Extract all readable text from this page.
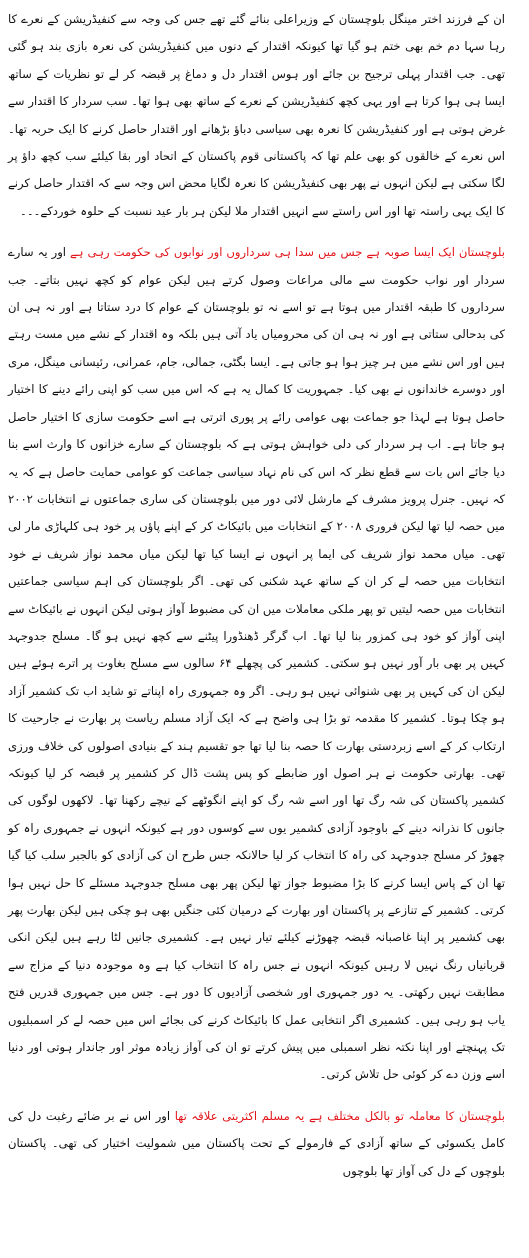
ان کے فرزند اختر مینگل بلوچستان کے وزیراعلی بنائے گئے تھے جس کی وجہ سے کنفیڈریشن کے نعرے کا رہا سہا دم خم بھی ختم ہو گیا تھا کیونکہ اقتدار کے دنوں میں کنفیڈریشن کی نعرہ بازی بند ہو گئی تھی۔ جب اقتدار پہلی ترجیح بن جائے اور ہوس اقتدار دل و دماغ پر قبضہ کر لے تو نظریات کے ساتھ ایسا ہی ہوا کرتا ہے اور یہی کچھ کنفیڈریشن کے نعرے کے ساتھ بھی ہوا تھا۔ سب سردار کا اقتدار سے غرض ہوتی ہے اور کنفیڈریشن کا نعرہ بھی سیاسی دباؤ بڑھانے اور اقتدار حاصل کرنے کا ایک حربہ تھا۔ اس نعرے کے خالقوں کو بھی علم تھا کہ پاکستانی قوم پاکستان کے اتحاد اور بقا کیلئے سب کچھ داؤ پر لگا سکتی ہے لیکن انہوں نے پھر بھی کنفیڈریشن کا نعرہ لگایا محض اس وجہ سے کہ اقتدار حاصل کرنے کا ایک یہی راستہ تھا اور اس راستے سے انہیں اقتدار ملا لیکن ہر بار عید نسبت کے حلوہ خوردکے۔۔۔

بلوچستان ایک ایسا صوبہ ہے جس میں سدا ہی سرداروں اور نوابوں کی حکومت رہی ہے اور یہ سارے سردار اور نواب حکومت سے مالی مراعات وصول کرتے ہیں لیکن عوام کو کچھ نہیں بتاتے۔ جب سرداروں کا طبقہ اقتدار میں ہوتا ہے تو اسے نہ تو بلوچستان کے عوام کا درد ستاتا ہے اور نہ ہی ان کی بدحالی ستاتی ہے اور نہ ہی ان کی محرومیاں یاد آتی ہیں بلکہ وہ اقتدار کے نشے میں مست رہتے ہیں اور اس نشے میں ہر چیز ہوا ہو جاتی ہے۔ ایسا بگٹی، جمالی، جام، عمرانی، رئیسانی مینگل، مری اور دوسرے خاندانوں نے بھی کیا۔ جمہوریت کا کمال یہ ہے کہ اس میں سب کو اپنی رائے دینے کا اختیار حاصل ہوتا ہے لہذا جو جماعت بھی عوامی رائے پر پوری اترتی ہے اسے حکومت سازی کا اختیار حاصل ہو جاتا ہے۔ اب ہر سردار کی دلی خواہش ہوتی ہے کہ بلوچستان کے سارے خزانوں کا وارث اسے بنا دیا جائے اس بات سے قطع نظر کہ اس کی نام نہاد سیاسی جماعت کو عوامی حمایت حاصل ہے کہ یہ کہ نہیں۔ جنرل پرویز مشرف کے مارشل لائی دور میں بلوچستان کی ساری جماعتوں نے انتخابات ۲۰۰۲ میں حصہ لیا تھا لیکن فروری ۲۰۰۸ کے انتخابات میں بائیکاٹ کر کے اپنے پاؤں پر خود ہی کلہاڑی مار لی تھی۔ میاں محمد نواز شریف کی ایما پر انہوں نے ایسا کیا تھا لیکن میاں محمد نواز شریف نے خود انتخابات میں حصہ لے کر ان کے ساتھ عہد شکنی کی تھی۔ اگر بلوچستان کی اہم سیاسی جماعتیں انتخابات میں حصہ لیتیں تو پھر ملکی معاملات میں ان کی مضبوط آواز ہوتی لیکن انہوں نے بائیکاٹ سے اپنی آواز کو خود ہی کمزور بنا لیا تھا۔ اب گرگر ڈھنڈورا پیٹنے سے کچھ نہیں ہو گا۔ مسلح جدوجہد کہیں پر بھی بار آور نہیں ہو سکتی۔ کشمیر کی پچھلے ۶۴ سالوں سے مسلح بغاوت پر اترے ہوئے ہیں لیکن ان کی کہیں پر بھی شنوائی نہیں ہو رہی۔ اگر وہ جمہوری راہ اپناتے تو شاید اب تک کشمیر آزاد ہو چکا ہوتا۔ کشمیر کا مقدمہ تو بڑا ہی واضح ہے کہ ایک آزاد مسلم ریاست پر بھارت نے جارحیت کا ارتکاب کر کے اسے زبردستی بھارت کا حصہ بنا لیا تھا جو تقسیم ہند کے بنیادی اصولوں کی خلاف ورزی تھی۔ بھارتی حکومت نے ہر اصول اور ضابطے کو پس پشت ڈال کر کشمیر پر قبضہ کر لیا کیونکہ کشمیر پاکستان کی شہ رگ تھا اور اسے شہ رگ کو اپنے انگوٹھے کے نیچے رکھنا تھا۔ لاکھوں لوگوں کی جانوں کا نذرانہ دینے کے باوجود آزادی کشمیر یوں سے کوسوں دور ہے کیونکہ انہوں نے جمہوری راہ کو چھوڑ کر مسلح جدوجہد کی راہ کا انتخاب کر لیا حالانکہ جس طرح ان کی آزادی کو بالجبر سلب کیا گیا تھا ان کے پاس ایسا کرنے کا بڑا مضبوط جواز تھا لیکن پھر بھی مسلح جدوجہد مسئلے کا حل نہیں ہوا کرتی۔ کشمیر کے تنازعے پر پاکستان اور بھارت کے درمیان کئی جنگیں بھی ہو چکی ہیں لیکن بھارت پھر بھی کشمیر پر اپنا غاصبانہ قبضہ چھوڑنے کیلئے تیار نہیں ہے۔ کشمیری جانیں لٹا رہے ہیں لیکن انکی قربانیاں رنگ نہیں لا رہیں کیونکہ انہوں نے جس راہ کا انتخاب کیا ہے وہ موجودہ دنیا کے مزاج سے مطابقت نہیں رکھتی۔ یہ دور جمہوری اور شخصی آزادیوں کا دور ہے۔ جس میں جمہوری قدریں فتح یاب ہو رہی ہیں۔ کشمیری اگر انتخابی عمل کا بائیکاٹ کرنے کی بجائے اس میں حصہ لے کر اسمبلیوں تک پہنچتے اور اپنا نکتہ نظر اسمبلی میں پیش کرتے تو ان کی آواز زیادہ موثر اور جاندار ہوتی اور دنیا اسے وزن دے کر کوئی حل تلاش کرتی۔

بلوچستان کا معاملہ تو بالکل مختلف ہے یہ مسلم اکثریتی علاقہ تھا اور اس نے بر ضائے رغبت دل کی کامل یکسوئی کے ساتھ آزادی کے فارمولے کے تحت پاکستان میں شمولیت اختیار کی تھی۔ پاکستان بلوچوں کے دل کی آواز تھا بلوچوں
